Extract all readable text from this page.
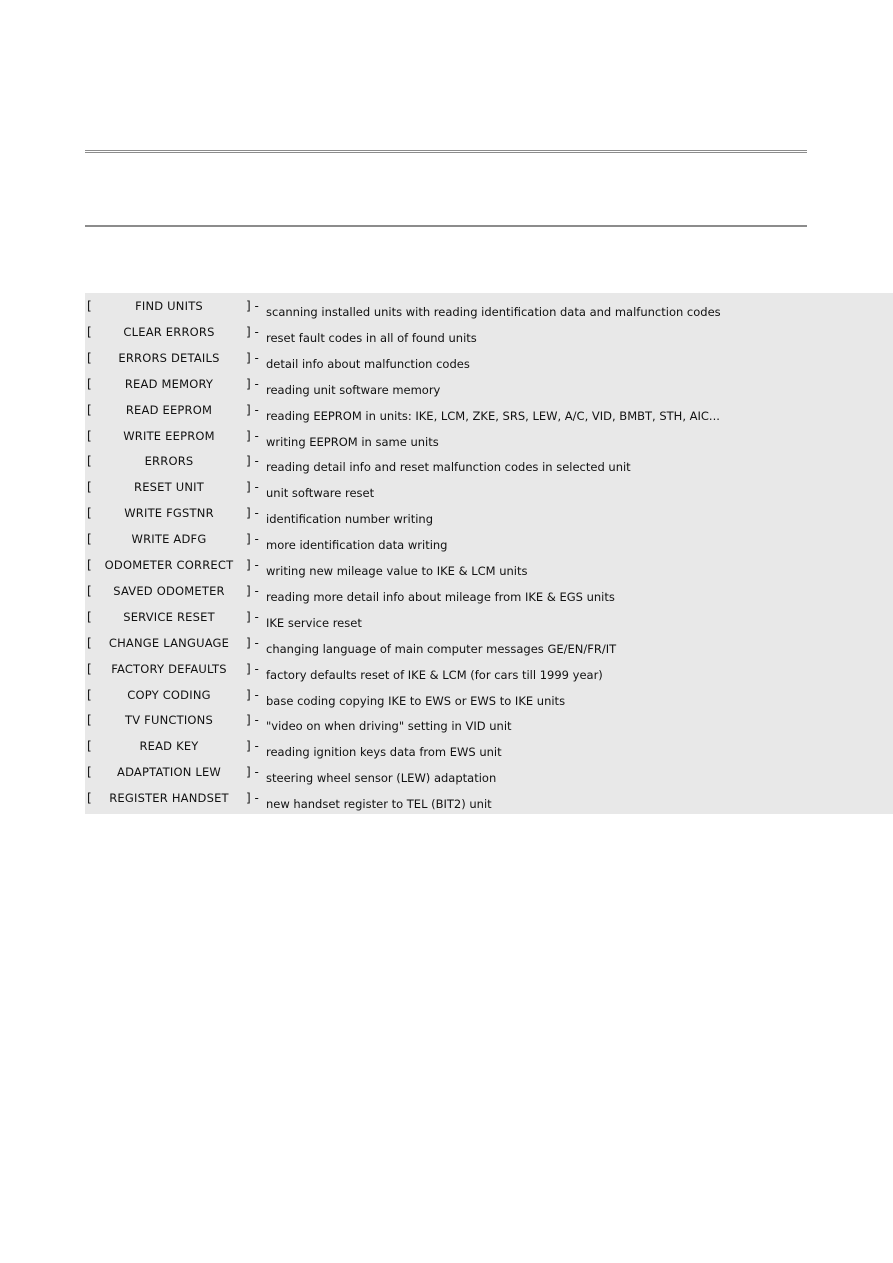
[	FIND UNITS	] - scanning installed units with reading identification data and malfunction codes
[	CLEAR ERRORS	] - reset fault codes in all of found units
[	ERRORS DETAILS	] - detail info about malfunction codes
[	READ MEMORY	] - reading unit software memory
[	READ EEPROM	] - reading EEPROM in units: IKE, LCM, ZKE, SRS, LEW, A/C, VID, BMBT, STH, AIC...
[	WRITE EEPROM	] - writing EEPROM in same units
[	ERRORS	] - reading detail info and reset malfunction codes in selected unit
[	RESET UNIT	] - unit software reset
[	WRITE FGSTNR	] - identification number writing
[	WRITE ADFG	] - more identification data writing
[	ODOMETER CORRECT	] - writing new mileage value to IKE & LCM units
[	SAVED ODOMETER	] - reading more detail info about mileage from IKE & EGS units
[	SERVICE RESET	] - IKE service reset
[	CHANGE LANGUAGE	] - changing language of main computer messages GE/EN/FR/IT
[	FACTORY DEFAULTS	] - factory defaults reset of IKE & LCM (for cars till 1999 year)
[	COPY CODING	] - base coding copying IKE to EWS or EWS to IKE units
[	TV FUNCTIONS	] - "video on when driving" setting in VID unit
[	READ KEY	] - reading ignition keys data from EWS unit
[	ADAPTATION LEW	] - steering wheel sensor (LEW) adaptation
[	REGISTER HANDSET	] - new handset register to TEL (BIT2) unit
